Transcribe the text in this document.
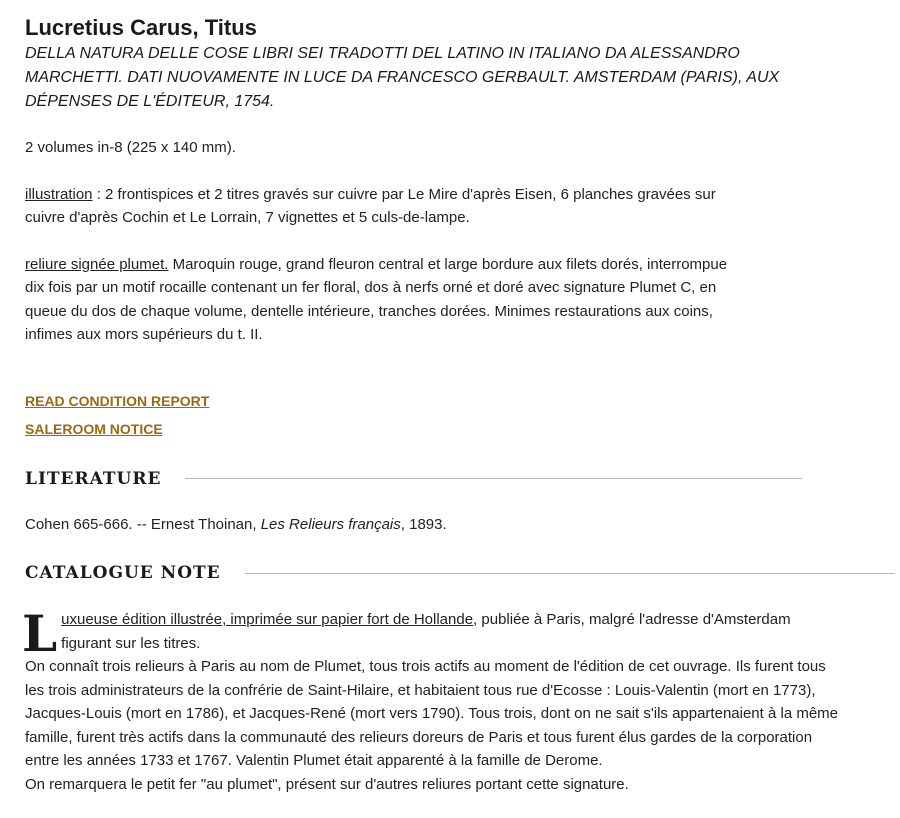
Lucretius Carus, Titus
DELLA NATURA DELLE COSE LIBRI SEI TRADOTTI DEL LATINO IN ITALIANO DA ALESSANDRO
MARCHETTI. DATI NUOVAMENTE IN LUCE DA FRANCESCO GERBAULT. AMSTERDAM (PARIS), AUX
DÉPENSES DE L'ÉDITEUR, 1754.

2 volumes in-8 (225 x 140 mm).

illustration : 2 frontispices et 2 titres gravés sur cuivre par Le Mire d'après Eisen, 6 planches gravées sur
cuivre d'après Cochin et Le Lorrain, 7 vignettes et 5 culs-de-lampe.

reliure signée plumet. Maroquin rouge, grand fleuron central et large bordure aux filets dorés, interrompue
dix fois par un motif rocaille contenant un fer floral, dos à nerfs orné et doré avec signature Plumet C, en
queue du dos de chaque volume, dentelle intérieure, tranches dorées. Minimes restaurations aux coins,
infimes aux mors supérieurs du t. II.

READ CONDITION REPORT
SALEROOM NOTICE
LITERATURE

Cohen 665-666. -- Ernest Thoinan, Les Relieurs français, 1893.

CATALOGUE NOTE

Luxueuse édition illustrée, imprimée sur papier fort de Hollande, publiée à Paris, malgré l'adresse d'Amsterdam
figurant sur les titres.

On connaît trois relieurs à Paris au nom de Plumet, tous trois actifs au moment de l'édition de cet ouvrage. Ils furent tous
les trois administrateurs de la confrérie de Saint-Hilaire, et habitaient tous rue d'Ecosse : Louis-Valentin (mort en 1773),
Jacques-Louis (mort en 1786), et Jacques-René (mort vers 1790). Tous trois, dont on ne sait s'ils appartenaient à la même
famille, furent très actifs dans la communauté des relieurs doreurs de Paris et tous furent élus gardes de la corporation
entre les années 1733 et 1767. Valentin Plumet était apparenté à la famille de Derome.

On remarquera le petit fer "au plumet", présent sur d'autres reliures portant cette signature.
